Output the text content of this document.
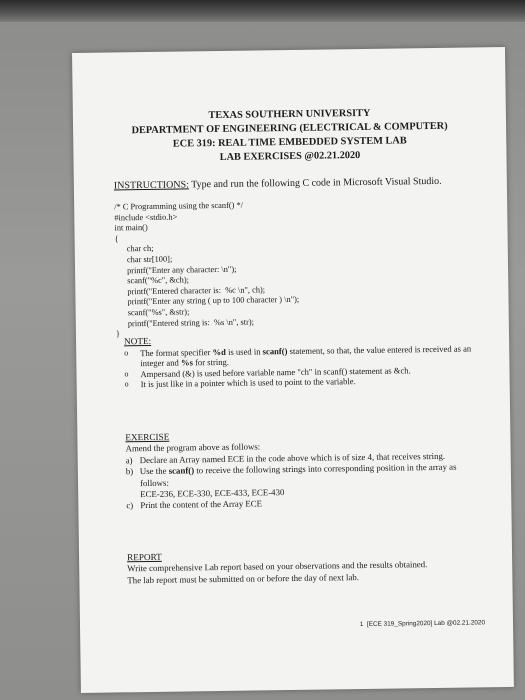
TEXAS SOUTHERN UNIVERSITY
DEPARTMENT OF ENGINEERING (ELECTRICAL & COMPUTER)
ECE 319: REAL TIME EMBEDDED SYSTEM LAB
LAB EXERCISES @02.21.2020
INSTRUCTIONS: Type and run the following C code in Microsoft Visual Studio.
/* C Programming using the scanf() */
#include <stdio.h>
int main()
{
char ch;
char str[100];
printf("Enter any character: \n");
scanf("%c", &ch);
printf("Entered character is:  %c \n", ch);
printf("Enter any string ( up to 100 character ) \n");
scanf("%s", &str);
printf("Entered string is:  %s \n", str);
}
NOTE:
o	The format specifier %d is used in scanf() statement, so that, the value entered is received as an integer and %s for string.
o	Ampersand (&) is used before variable name "ch" in scanf() statement as &ch.
o	It is just like in a pointer which is used to point to the variable.
EXERCISE
Amend the program above as follows:
a) Declare an Array named ECE in the code above which is of size 4, that receives string.
b) Use the scanf() to receive the following strings into corresponding position in the array as follows:
ECE-236, ECE-330, ECE-433, ECE-430
c) Print the content of the Array ECE
REPORT
Write comprehensive Lab report based on your observations and the results obtained.
The lab report must be submitted on or before the day of next lab.
1 [ECE 319_Spring2020] Lab @02.21.2020
